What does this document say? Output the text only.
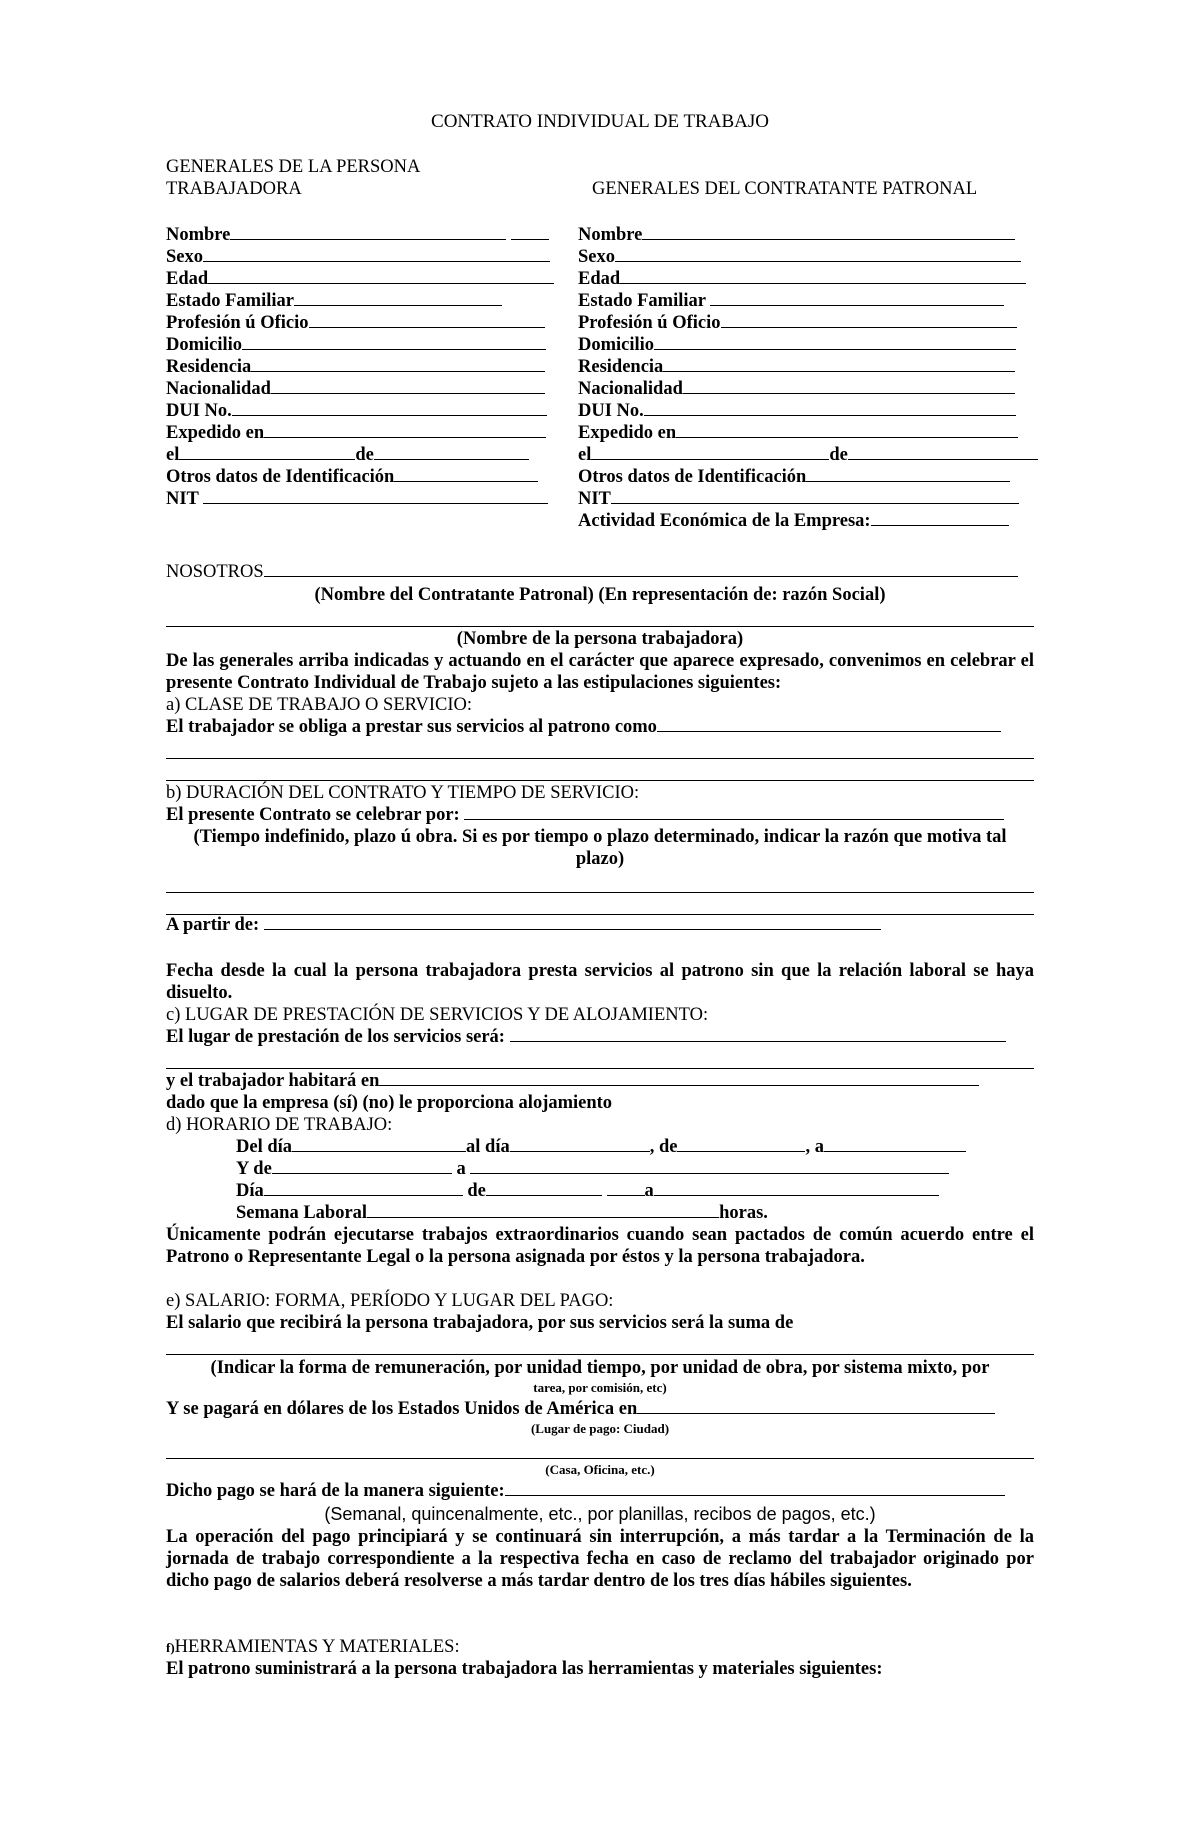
CONTRATO INDIVIDUAL DE TRABAJO
GENERALES DE LA PERSONA
TRABAJADORA	GENERALES DEL CONTRATANTE PATRONAL
Nombre
Sexo
Edad
Estado Familiar
Profesión ú Oficio
Domicilio
Residencia
Nacionalidad
DUI No.
Expedido en
el	de
Otros datos de Identificación
NIT
Nombre
Sexo
Edad
Estado Familiar
Profesión ú Oficio
Domicilio
Residencia
Nacionalidad
DUI No.
Expedido en
el	de
Otros datos de Identificación
NIT
Actividad Económica de la Empresa:
NOSOTROS
(Nombre del Contratante Patronal) (En representación de: razón Social)
(Nombre de la persona trabajadora)
De las generales arriba indicadas y actuando en el carácter que aparece expresado, convenimos en celebrar el presente Contrato Individual de Trabajo sujeto a las estipulaciones siguientes:
a) CLASE DE TRABAJO O SERVICIO:
El trabajador se obliga a prestar sus servicios al patrono como
b) DURACIÓN DEL CONTRATO Y TIEMPO DE SERVICIO:
El presente Contrato se celebrar por:
(Tiempo indefinido, plazo ú obra. Si es por tiempo o plazo determinado, indicar la razón que motiva tal
plazo)
A partir de:
Fecha desde la cual la persona trabajadora presta servicios al patrono sin que la relación laboral se haya disuelto.
c) LUGAR DE PRESTACIÓN DE SERVICIOS Y DE ALOJAMIENTO:
El lugar de prestación de los servicios será:
y el trabajador habitará en
dado que la empresa (sí) (no) le proporciona alojamiento
d) HORARIO DE TRABAJO:
Del día	al día	, de	, a
Y de	a
Día	de	a
Semana Laboral	horas.
Únicamente podrán ejecutarse trabajos extraordinarios cuando sean pactados de común acuerdo entre el Patrono o Representante Legal o la persona asignada por éstos y la persona trabajadora.
e) SALARIO: FORMA, PERÍODO Y LUGAR DEL PAGO:
El salario que recibirá la persona trabajadora, por sus servicios será la suma de
(Indicar la forma de remuneración, por unidad tiempo, por unidad de obra, por sistema mixto, por
tarea, por comisión, etc)
Y se pagará en dólares de los Estados Unidos de América en
(Lugar de pago: Ciudad)
(Casa, Oficina, etc.)
Dicho pago se hará de la manera siguiente:
(Semanal, quincenalmente, etc., por planillas, recibos de pagos, etc.)
La operación del pago principiará y se continuará sin interrupción, a más tardar a la Terminación de la jornada de trabajo correspondiente a la respectiva fecha en caso de reclamo del trabajador originado por dicho pago de salarios deberá resolverse a más tardar dentro de los tres días hábiles siguientes.
f)HERRAMIENTAS Y MATERIALES:
El patrono suministrará a la persona trabajadora las herramientas y materiales siguientes:
